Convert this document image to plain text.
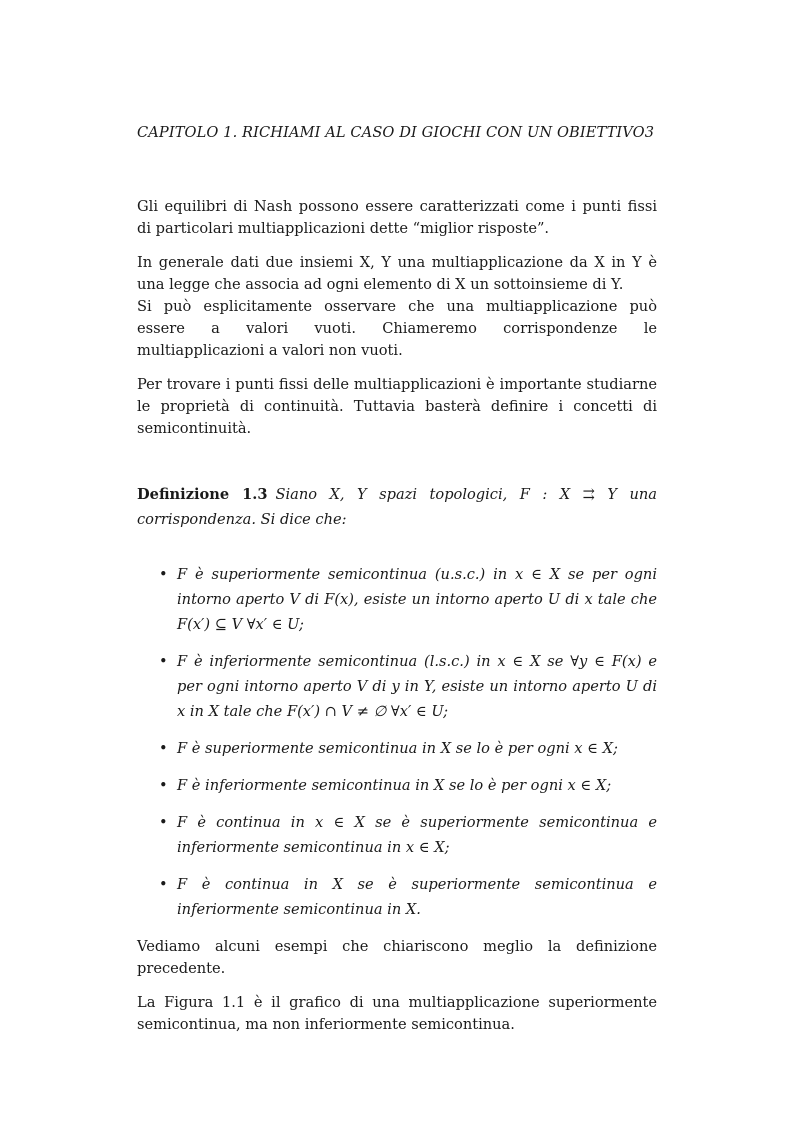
CAPITOLO 1. RICHIAMI AL CASO DI GIOCHI CON UN OBIETTIVO3

Gli equilibri di Nash possono essere caratterizzati come i punti fissi di particolari multiapplicazioni dette “miglior risposte”.

In generale dati due insiemi X, Y una multiapplicazione da X in Y è una legge che associa ad ogni elemento di X un sottoinsieme di Y.

Si può esplicitamente osservare che una multiapplicazione può essere a valori vuoti. Chiameremo corrispondenze le multiapplicazioni a valori non vuoti.

Per trovare i punti fissi delle multiapplicazioni è importante studiarne le proprietà di continuità. Tuttavia basterà definire i concetti di semicontinuità.

Definizione 1.3 Siano X, Y spazi topologici, F : X ⇉ Y una corrispondenza. Si dice che:
• F è superiormente semicontinua (u.s.c.) in x ∈ X se per ogni intorno aperto V di F(x), esiste un intorno aperto U di x tale che F(x′) ⊆ V ∀x′ ∈ U;
• F è inferiormente semicontinua (l.s.c.) in x ∈ X se ∀y ∈ F(x) e per ogni intorno aperto V di y in Y, esiste un intorno aperto U di x in X tale che F(x′) ∩ V ≠ ∅ ∀x′ ∈ U;
• F è superiormente semicontinua in X se lo è per ogni x ∈ X;
• F è inferiormente semicontinua in X se lo è per ogni x ∈ X;
• F è continua in x ∈ X se è superiormente semicontinua e inferiormente semicontinua in x ∈ X;
• F è continua in X se è superiormente semicontinua e inferiormente semicontinua in X.

Vediamo alcuni esempi che chiariscono meglio la definizione precedente.

La Figura 1.1 è il grafico di una multiapplicazione superiormente semicontinua, ma non inferiormente semicontinua.
